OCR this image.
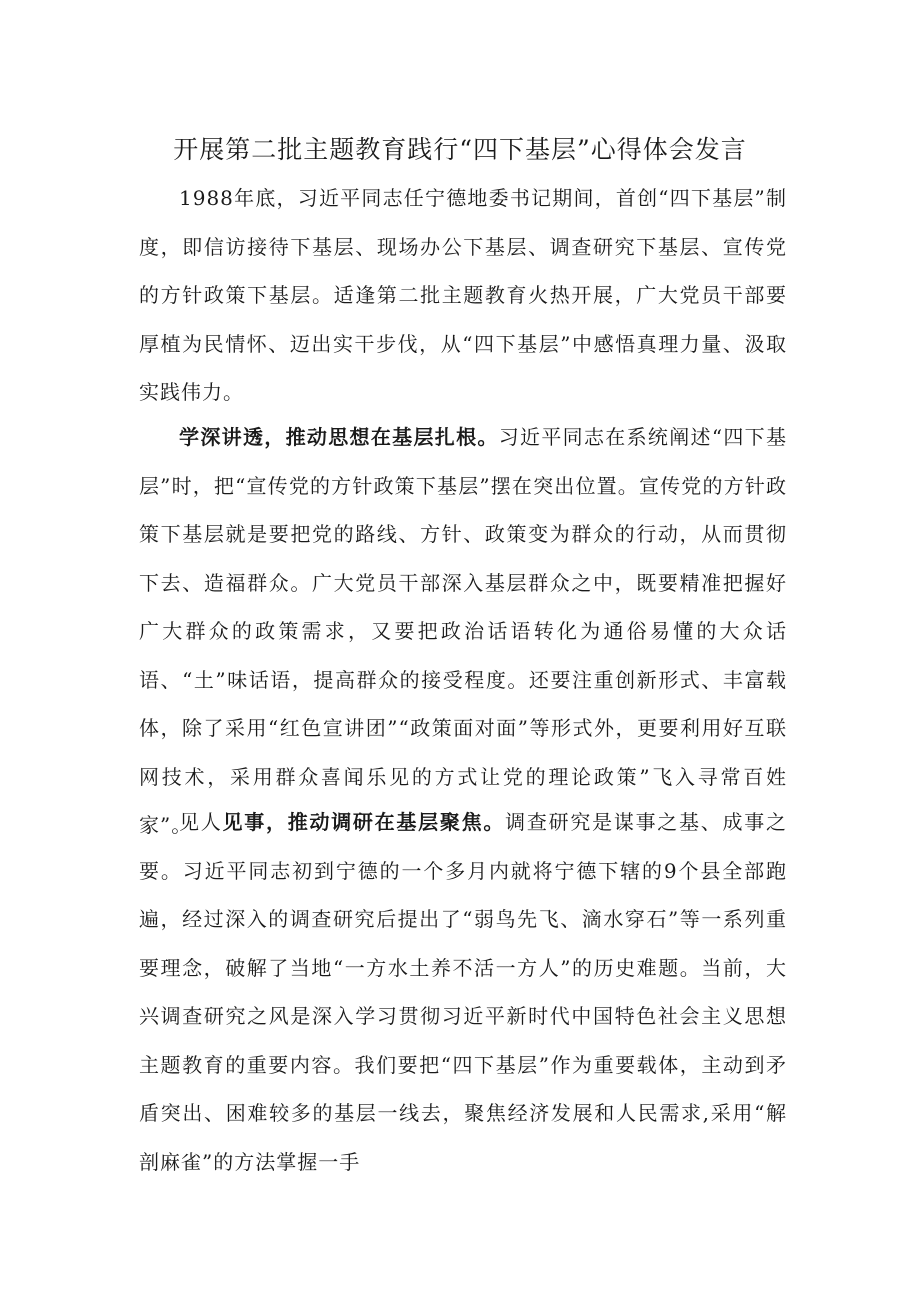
开展第二批主题教育践行“四下基层”心得体会发言

1988年底，习近平同志任宁德地委书记期间，首创“四下基层”制度，即信访接待下基层、现场办公下基层、调查研究下基层、宣传党的方针政策下基层。适逢第二批主题教育火热开展，广大党员干部要厚植为民情怀、迈出实干步伐，从“四下基层”中感悟真理力量、汲取实践伟力。

学深讲透，推动思想在基层扎根。习近平同志在系统阐述“四下基层”时，把“宣传党的方针政策下基层”摆在突出位置。宣传党的方针政策下基层就是要把党的路线、方针、政策变为群众的行动，从而贯彻下去、造福群众。广大党员干部深入基层群众之中，既要精准把握好广大群众的政策需求，又要把政治话语转化为通俗易懂的大众话语、“土”味话语，提高群众的接受程度。还要注重创新形式、丰富载体，除了采用“红色宣讲团”“政策面对面”等形式外，更要利用好互联网技术，采用群众喜闻乐见的方式让党的理论政策”飞入寻常百姓家”。

见人见事，推动调研在基层聚焦。调查研究是谋事之基、成事之要。习近平同志初到宁德的一个多月内就将宁德下辖的9个县全部跑遍，经过深入的调查研究后提出了“弱鸟先飞、滴水穿石”等一系列重要理念，破解了当地“一方水土养不活一方人”的历史难题。当前，大兴调查研究之风是深入学习贯彻习近平新时代中国特色社会主义思想主题教育的重要内容。我们要把“四下基层”作为重要载体，主动到矛盾突出、困难较多的基层一线去，聚焦经济发展和人民需求,采用“解剖麻雀”的方法掌握一手
